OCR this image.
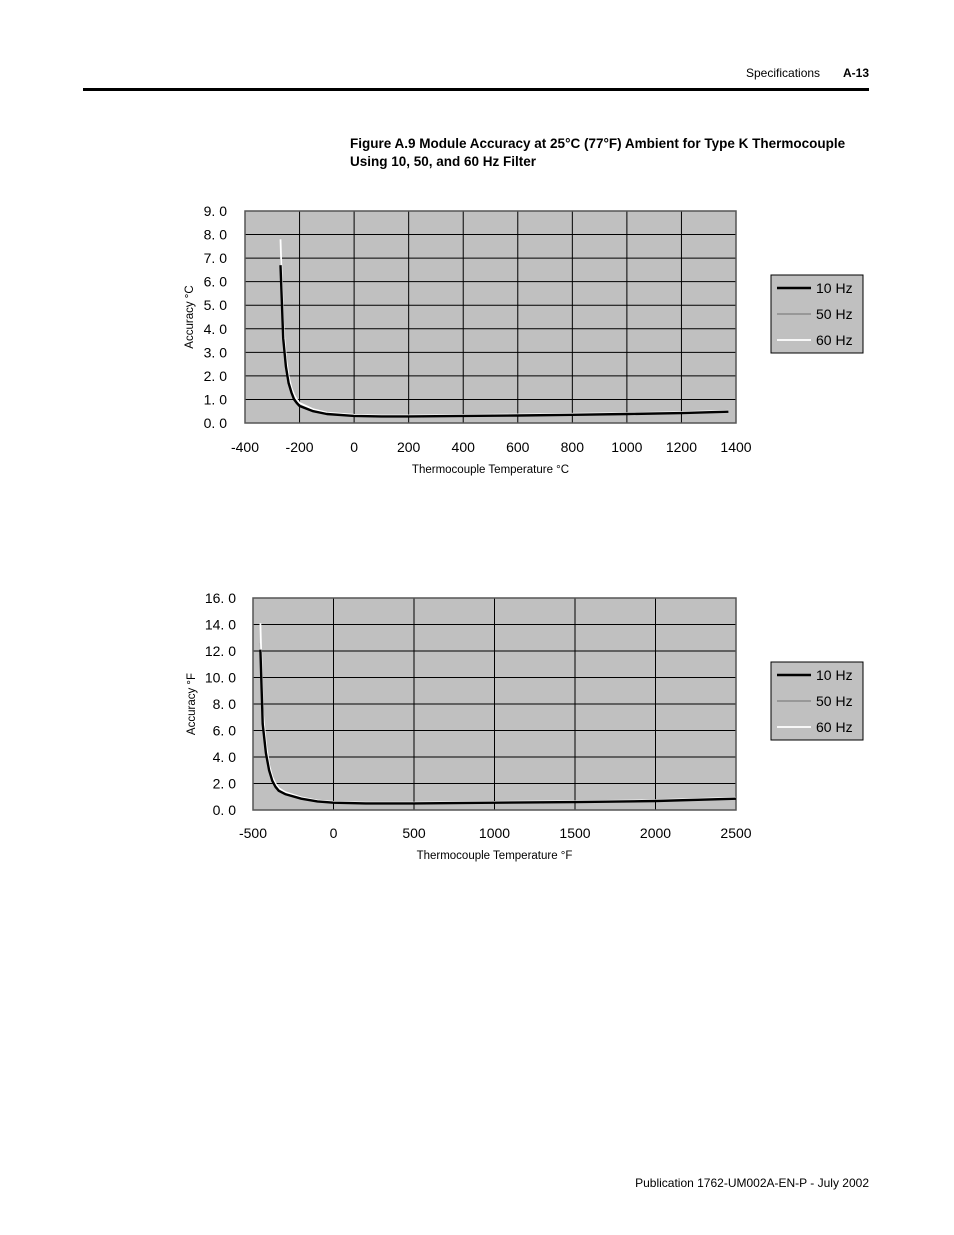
Specifications A-13
Figure A.9 Module Accuracy at 25°C (77°F) Ambient for Type K Thermocouple Using 10, 50, and 60 Hz Filter
-400 -200	0	200 400 600 800 1000 1200 1400
0. 0
1. 0
2. 0
3. 0
4. 0
5. 0
6. 0
7. 0
8. 0
9. 0
Thermocouple Temperature °C
Accuracy °C	10 Hz
50 Hz
60 Hz
-500	0	500	1000	1500	2000	2500
0. 0
2. 0
4. 0
6. 0
8. 0
10. 0
12. 0
14. 0
16. 0
Thermocouple Temperature °F
Accuracy °F	10 Hz
50 Hz
60 Hz
Publication 1762-UM002A-EN-P - July 2002
